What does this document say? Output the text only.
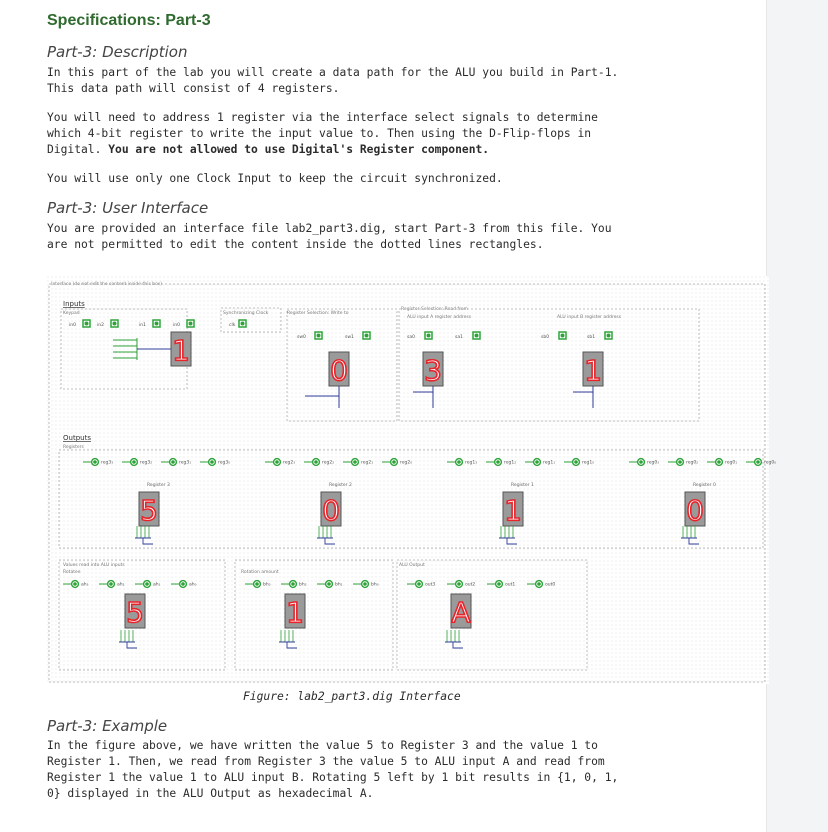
Specifications: Part-3
Part-3: Description
In this part of the lab you will create a data path for the ALU you build in Part-1.
This data path will consist of 4 registers.
You will need to address 1 register via the interface select signals to determine
which 4-bit register to write the input value to. Then using the D-Flip-flops in
Digital. You are not allowed to use Digital's Register component.
You will use only one Clock Input to keep the circuit synchronized.
Part-3: User Interface
You are provided an interface file lab2_part3.dig, start Part-3 from this file. You
are not permitted to edit the content inside the dotted lines rectangles.
Interface (do not edit the content inside this box)
Inputs
Keypad
in0	in2	in1	in0
1
Synchronizing Clock
clk
Register Selection: Write to
sw0	sw1
0
Register Selection: Read from
ALU input A register address
sa0	sa1
3
ALU input B register address
sb0	sb1
1
Outputs
Registers
reg3₃	reg3₂	reg3₁	reg3₀
Register 3
5
reg2₃	reg2₂	reg2₁	reg2₀
Register 2
0
reg1₃	reg1₂	reg1₁	reg1₀
Register 1
1
reg0₃	reg0₂	reg0₁	reg0₀
Register 0
0
Values read into ALU inputs
Rotatee	Rotation amount
ALU Output
ah₃	ah₂	ah₁	ah₀
5
bh₃	bh₂	bh₁	bh₀
1
out3	out2	out1	out0
A
Figure: lab2_part3.dig Interface
Part-3: Example
In the figure above, we have written the value 5 to Register 3 and the value 1 to
Register 1. Then, we read from Register 3 the value 5 to ALU input A and read from
Register 1 the value 1 to ALU input B. Rotating 5 left by 1 bit results in {1, 0, 1,
0} displayed in the ALU Output as hexadecimal A.
